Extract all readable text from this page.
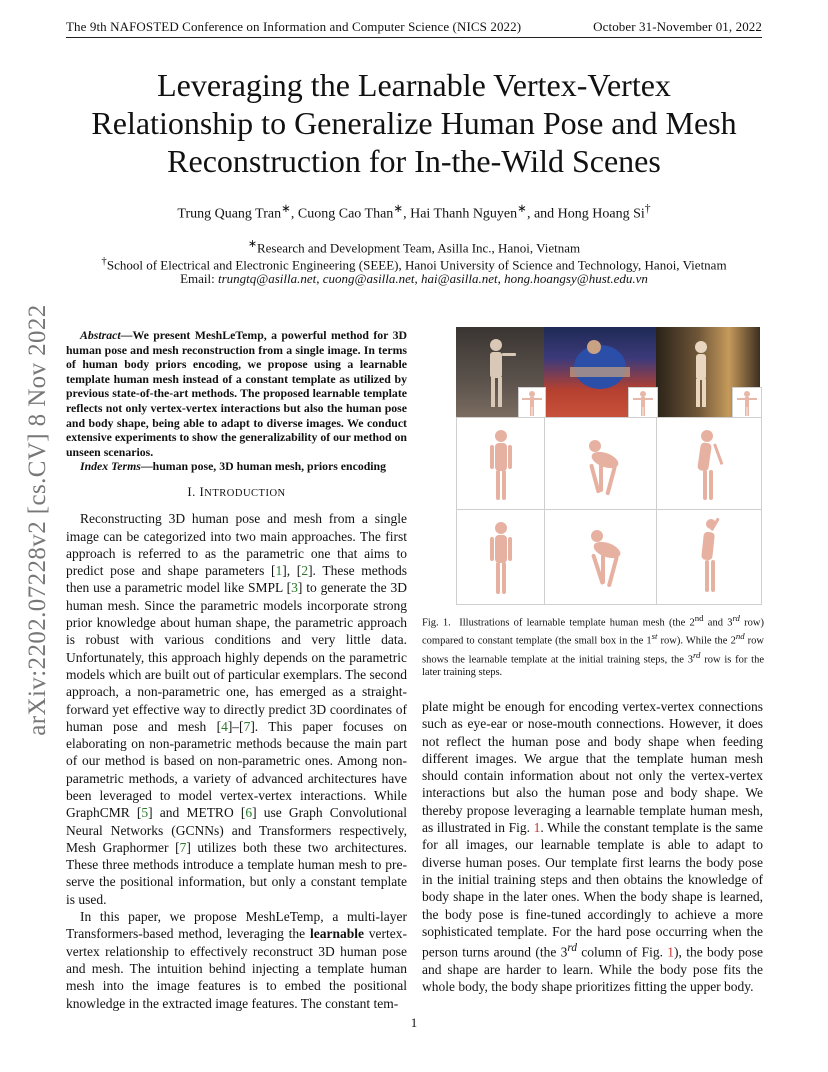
The 9th NAFOSTED Conference on Information and Computer Science (NICS 2022)	October 31-November 01, 2022
arXiv:2202.07228v2 [cs.CV] 8 Nov 2022
Leveraging the Learnable Vertex-Vertex
Relationship to Generalize Human Pose and Mesh
Reconstruction for In-the-Wild Scenes
Trung Quang Tran∗, Cuong Cao Than∗, Hai Thanh Nguyen∗, and Hong Hoang Si†
∗Research and Development Team, Asilla Inc., Hanoi, Vietnam
†School of Electrical and Electronic Engineering (SEEE), Hanoi University of Science and Technology, Hanoi, Vietnam
Email: trungtq@asilla.net, cuong@asilla.net, hai@asilla.net, hong.hoangsy@hust.edu.vn
Abstract—We present MeshLeTemp, a powerful method for 3D human pose and mesh reconstruction from a single image. In terms of human body priors encoding, we propose using a learnable template human mesh instead of a constant template as utilized by previous state-of-the-art methods. The proposed learnable template reflects not only vertex-vertex interactions but also the human pose and body shape, being able to adapt to diverse images. We conduct extensive experiments to show the generalizability of our method on unseen scenarios.
Index Terms—human pose, 3D human mesh, priors encoding
I. INTRODUCTION

Reconstructing 3D human pose and mesh from a single image can be categorized into two main approaches. The first approach is referred to as the parametric one that aims to predict pose and shape parameters [1], [2]. These methods then use a parametric model like SMPL [3] to generate the 3D human mesh. Since the parametric models incorporate strong prior knowledge about human shape, the parametric approach is robust with various conditions and very little data. Unfortunately, this approach highly depends on the parametric models which are built out of particular exemplars. The second approach, a non-parametric one, has emerged as a straight-forward yet effective way to directly predict 3D coordinates of human pose and mesh [4]–[7]. This paper focuses on elaborating on non-parametric methods because the main part of our method is based on non-parametric ones. Among non-parametric methods, a variety of advanced architectures have been leveraged to model vertex-vertex interactions. While GraphCMR [5] and METRO [6] use Graph Convolutional Neural Networks (GCNNs) and Transformers respectively, Mesh Graphormer [7] utilizes both these two architectures. These three methods introduce a template human mesh to pre-serve the positional information, but only a constant template is used.

In this paper, we propose MeshLeTemp, a multi-layer Transformers-based method, leveraging the learnable vertex-vertex relationship to effectively reconstruct 3D human pose and mesh. The intuition behind injecting a template human mesh into the image features is to embed the positional knowledge in the extracted image features. The constant tem-

Fig. 1.  Illustrations of learnable template human mesh (the 2nd and 3rd row) compared to constant template (the small box in the 1st row). While the 2nd row shows the learnable template at the initial training steps, the 3rd row is for the later training steps.

plate might be enough for encoding vertex-vertex connections such as eye-ear or nose-mouth connections. However, it does not reflect the human pose and body shape when feeding different images. We argue that the template human mesh should contain information about not only the vertex-vertex interactions but also the human pose and body shape. We thereby propose leveraging a learnable template human mesh, as illustrated in Fig. 1. While the constant template is the same for all images, our learnable template is able to adapt to diverse human poses. Our template first learns the body pose in the initial training steps and then obtains the knowledge of body shape in the later ones. When the body shape is learned, the body pose is fine-tuned accordingly to achieve a more sophisticated template. For the hard pose occurring when the person turns around (the 3rd column of Fig. 1), the body pose and shape are harder to learn. While the body pose fits the whole body, the body shape prioritizes fitting the upper body.

1
